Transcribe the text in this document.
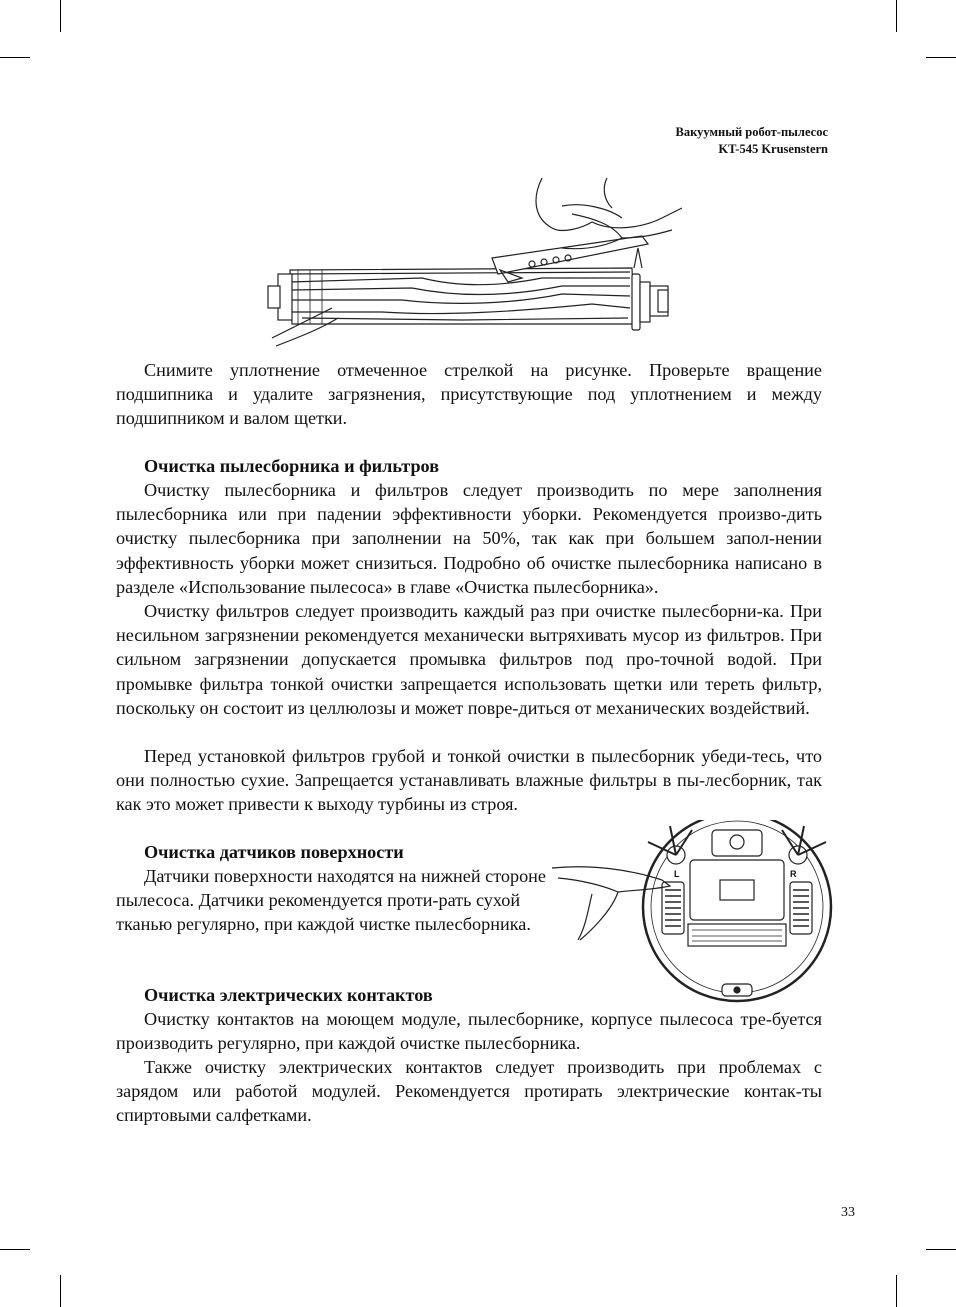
Вакуумный робот-пылесос
KT-545 Krusenstern

Снимите уплотнение отмеченное стрелкой на рисунке. Проверьте вращение подшипника и удалите загрязнения, присутствующие под уплотнением и между подшипником и валом щетки.

Очистка пылесборника и фильтров

Очистку пылесборника и фильтров следует производить по мере заполнения пылесборника или при падении эффективности уборки. Рекомендуется произво-дить очистку пылесборника при заполнении на 50%, так как при большем запол-нении эффективность уборки может снизиться. Подробно об очистке пылесборника написано в разделе «Использование пылесоса» в главе «Очистка пылесборника».

Очистку фильтров следует производить каждый раз при очистке пылесборни-ка. При несильном загрязнении рекомендуется механически вытряхивать мусор из фильтров. При сильном загрязнении допускается промывка фильтров под про-точной водой. При промывке фильтра тонкой очистки запрещается использовать щетки или тереть фильтр, поскольку он состоит из целлюлозы и может повре-диться от механических воздействий.

Перед установкой фильтров грубой и тонкой очистки в пылесборник убеди-тесь, что они полностью сухие. Запрещается устанавливать влажные фильтры в пы-лесборник, так как это может привести к выходу турбины из строя.

Очистка датчиков поверхности

Датчики поверхности находятся на нижней стороне пылесоса. Датчики рекомендуется проти-рать сухой тканью регулярно, при каждой чистке пылесборника.

L	R

Очистка электрических контактов

Очистку контактов на моющем модуле, пылесборнике, корпусе пылесоса тре-буется производить регулярно, при каждой очистке пылесборника.

Также очистку электрических контактов следует производить при проблемах с зарядом или работой модулей. Рекомендуется протирать электрические контак-ты спиртовыми салфетками.

33
